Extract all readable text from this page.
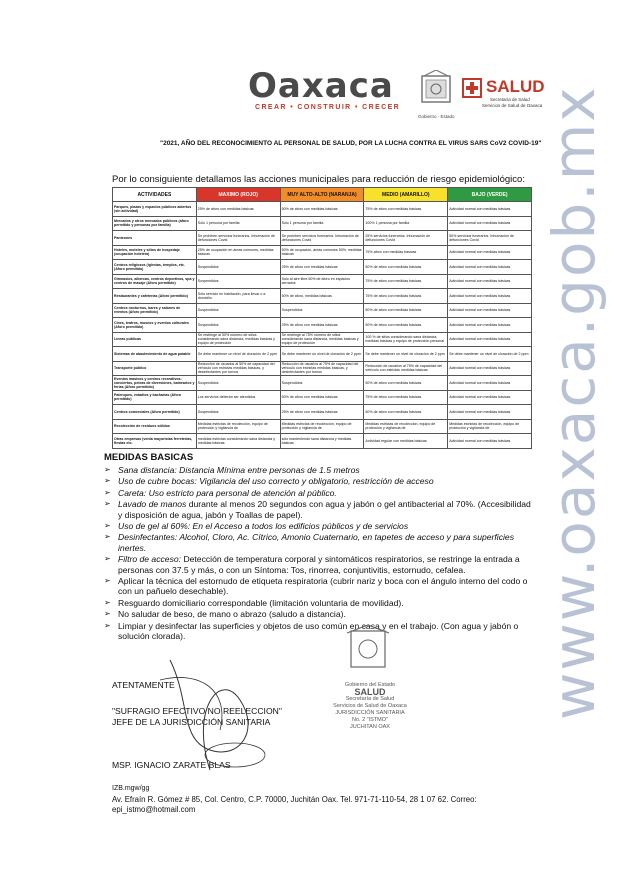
Oaxaca
CREAR • CONSTRUIR • CRECER
Gobierno · Estado
SALUD
Secretaría de Salud
Servicios de Salud de Oaxaca
"2021, AÑO DEL RECONOCIMIENTO AL PERSONAL DE SALUD, POR LA LUCHA CONTRA EL VIRUS SARS CoV2 COVID-19"
Por lo consiguiente detallamos las acciones municipales para reducción de riesgo epidemiológico:
ACTIVIDADES	MAXIMO (ROJO)	MUY ALTO-ALTO (NARANJA)	MEDIO (AMARILLO)	BAJO (VERDE)
Parques, plazas y espacios públicos abiertos (sin actividad)	25% de aforo con medidas básicas	50% de aforo con medidas básicas	75% de aforo con medidas básicas	Actividad normal con medidas básicas
Mercados y otros mercados públicos (aforo permitido y personas por familia)	Sólo 1 persona por familia	Sólo 1 persona por familia	100% 1 persona por familia	Actividad normal con medidas básicas
Panteones	Se prohíben servicios funerarios. Inhumación de defunciones Covid	Se prohíben servicios funerarios. Inhumación de defunciones Covid	25% servicios funerarios. Inhumación de defunciones Covid	50% servicios funerarios. Inhumación de defunciones Covid
Hoteles, moteles y sitios de hospedaje (ocupación hotelera)	25% de ocupación en áreas comunes, medidas básicas	50% de ocupación, áreas comunes 50%, medidas básicas	75% aforo con medidas básicas	Actividad normal con medidas básicas
Centros religiosos (iglesias, templos, etc. (Aforo permitido)	Suspendidos	25% de aforo con medidas básicas	50% de aforo con medidas básicas	Actividad normal con medidas básicas
Gimnasios, albercas, centros deportivos, spa y centros de masaje (Aforo permitido)	Suspendidos	Solo al aire libre.50% de aforo en espacios cerrados	75% de aforo con medidas básicas	Actividad normal con medidas básicas
Restaurantes y cafeterías (Aforo permitido)	Sólo servicio en habitación, para llevar o a domicilio	50% de aforo, medidas básicas	75% de aforo con medidas básicas	Actividad normal con medidas básicas
Centros nocturnos, bares y salones de eventos (Aforo permitido)	Suspendidos	Suspendidos	50% de aforo con medidas básicas	Actividad normal con medidas básicas
Cines, teatros, museos y eventos culturales (Aforo permitido)	Suspendidos	25% de aforo con medidas básicas	50% de aforo con medidas básicas	Actividad normal con medidas básicas
Líneas públicas	Se restringe al 50% número de sitios considerando sana distancia, medidas básicas y equipo de protección	Se restringe al 75% número de sitios considerando sana distancia, medidas básicas y equipo de protección	100 % de sitios considerando sana distancia, medidas básicas y equipo de protección personal	Actividad normal con medidas básicas
Sistemas de abastecimiento de agua potable	Se debe mantener un nivel de cloración de 2 ppm	Se debe mantener un nivel de cloración de 2 ppm	Se debe mantener un nivel de cloración de 2 ppm	Se debe mantener un nivel de cloración de 2 ppm
Transporte público	Reducción de usuarios al 50% de capacidad del vehículo con estrictas medidas básicas, y desinfectantes por turnos	Reducción de usuarios al 75% de capacidad del vehículo con estrictas medidas básicas, y desinfectantes por turnos	Reducción de usuarios al 75% de capacidad del vehículo con estrictas medidas básicas	Actividad normal con medidas básicas
Eventos masivos y centros recreativos: conciertos, peleas de diversiones, balnearios y ferias (Aforo permitido)	Suspendidos	Suspendidos	50% de aforo con medidas básicas	Actividad normal con medidas básicas
Palenques, estadios y bacharias (Aforo permitido)	Los servicios deberán ser atendidos	50% de aforo con medidas básicas	75% de aforo con medidas básicas	Actividad normal con medidas básicas
Centros comerciales (Aforo permitido)	Suspendidos	25% de aforo con medidas básicas	50% de aforo con medidas básicas	Actividad normal con medidas básicas
Recolección de residuos sólidos	Medidas estrictas de recolección, equipo de protección y vigilancia de	Medidas estrictas de recolección, equipo de protección y vigilancia de	Medidas estrictas de recolección, equipo de protección y vigilancia de	Medidas estrictas de recolección, equipo de protección y vigilancia de
Otras empresas (venta mayoristas ferreterías, flestas etc.	medidas estrictas considerando sana distancia y medidas básicas	sólo manteniendo sana distancia y medidas básicas	Actividad regular con medidas básicas	Actividad normal con medidas básicas
MEDIDAS BASICAS
➢ Sana distancia: Distancia Mínima entre personas de 1.5 metros
➢ Uso de cubre bocas: Vigilancia del uso correcto y obligatorio, restricción de acceso
➢ Careta: Uso estricto para personal de atención al público.
➢ Lavado de manos durante al menos 20 segundos con agua y jabón o gel antibacterial al 70%. (Accesibilidad y disposición de agua, jabón y Toallas de papel).
➢ Uso de gel al 60%: En el Acceso a todos los edificios públicos y de servicios
➢ Desinfectantes: Alcohol, Cloro, Ac. Cítrico, Amonio Cuaternario, en tapetes de acceso y para superficies inertes.
➢ Filtro de acceso: Detección de temperatura corporal y sintomáticos respiratorios, se restringe la entrada a personas con 37.5 y más, o con un Síntoma: Tos, rinorrea, conjuntivitis, estornudo, cefalea.
➢ Aplicar la técnica del estornudo de etiqueta respiratoria (cubrir nariz y boca con el ángulo interno del codo o con un pañuelo desechable).
➢ Resguardo domiciliario correspondable (limitación voluntaria de movilidad).
➢ No saludar de beso, de mano o abrazo (saludo a distancia).
➢ Limpiar y desinfectar las superficies y objetos de uso común en casa y en el trabajo. (Con agua y jabón o solución clorada).
ATENTAMENTE
"SUFRAGIO EFECTIVO NO REELECCION"
JEFE DE LA JURISDICCIÓN SANITARIA
MSP. IGNACIO ZARATE BLAS
IZB.mgw/gg
Av. Efraín R. Gómez # 85, Col. Centro, C.P. 70000, Juchitán Oax. Tel. 971-71-110-54, 28 1 07 62. Correo:
epi_istmo@hotmail.com
Gobierno del Estado
SALUD
Secretaría de Salud
Servicios de Salud de Oaxaca
JURISDICCIÓN SANITARIA
No. 2 "ISTMO"
JUCHITAN OAX
www.oaxaca.gob.mx
